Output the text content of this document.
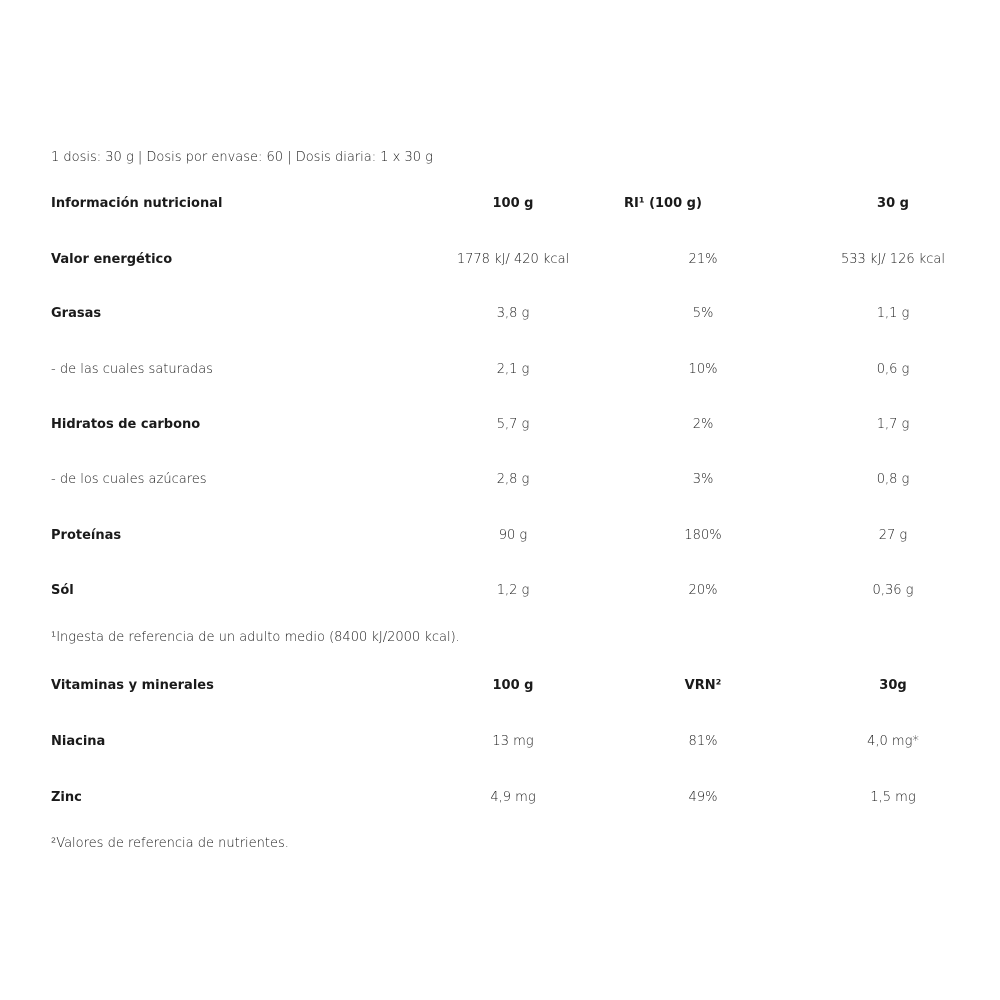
1 dosis: 30 g | Dosis por envase: 60 | Dosis diaria: 1 x 30 g
Información nutricional	100 g	RI¹ (100 g)	30 g
Valor energético	1778 kJ/ 420 kcal	21%	533 kJ/ 126 kcal
Grasas	3,8 g	5%	1,1 g
- de las cuales saturadas	2,1 g	10%	0,6 g
Hidratos de carbono	5,7 g	2%	1,7 g
- de los cuales azúcares	2,8 g	3%	0,8 g
Proteínas	90 g	180%	27 g
Sól	1,2 g	20%	0,36 g
¹Ingesta de referencia de un adulto medio (8400 kJ/2000 kcal).
Vitaminas y minerales	100 g	VRN²	30g
Niacina	13 mg	81%	4,0 mg*
Zinc	4,9 mg	49%	1,5 mg
²Valores de referencia de nutrientes.
